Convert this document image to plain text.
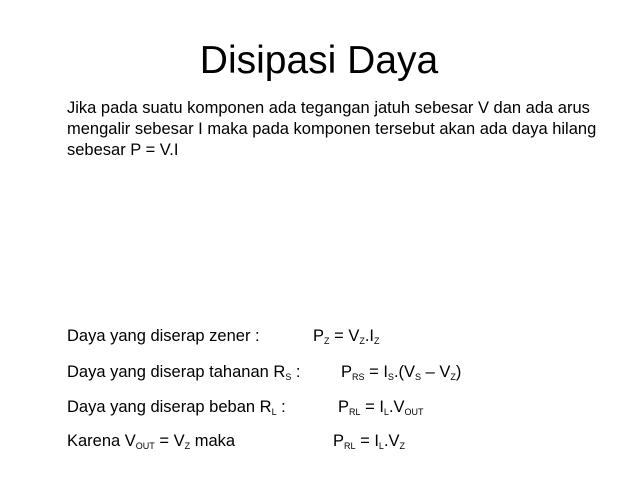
Disipasi Daya
Jika pada suatu komponen ada tegangan jatuh sebesar V dan ada arus mengalir sebesar I maka pada komponen tersebut akan ada daya hilang sebesar P = V.I
Daya yang diserap zener :	$P_Z = V_Z.I_Z$
Daya yang diserap tahanan $R_S$ : $P_{RS} = I_S.(V_S - V_Z)$
Daya yang diserap beban $R_L$ :	$P_{RL} = I_L.V_{OUT}$
Karena $V_{OUT} = V_Z$ maka	$P_{RL} = I_L.V_Z$
